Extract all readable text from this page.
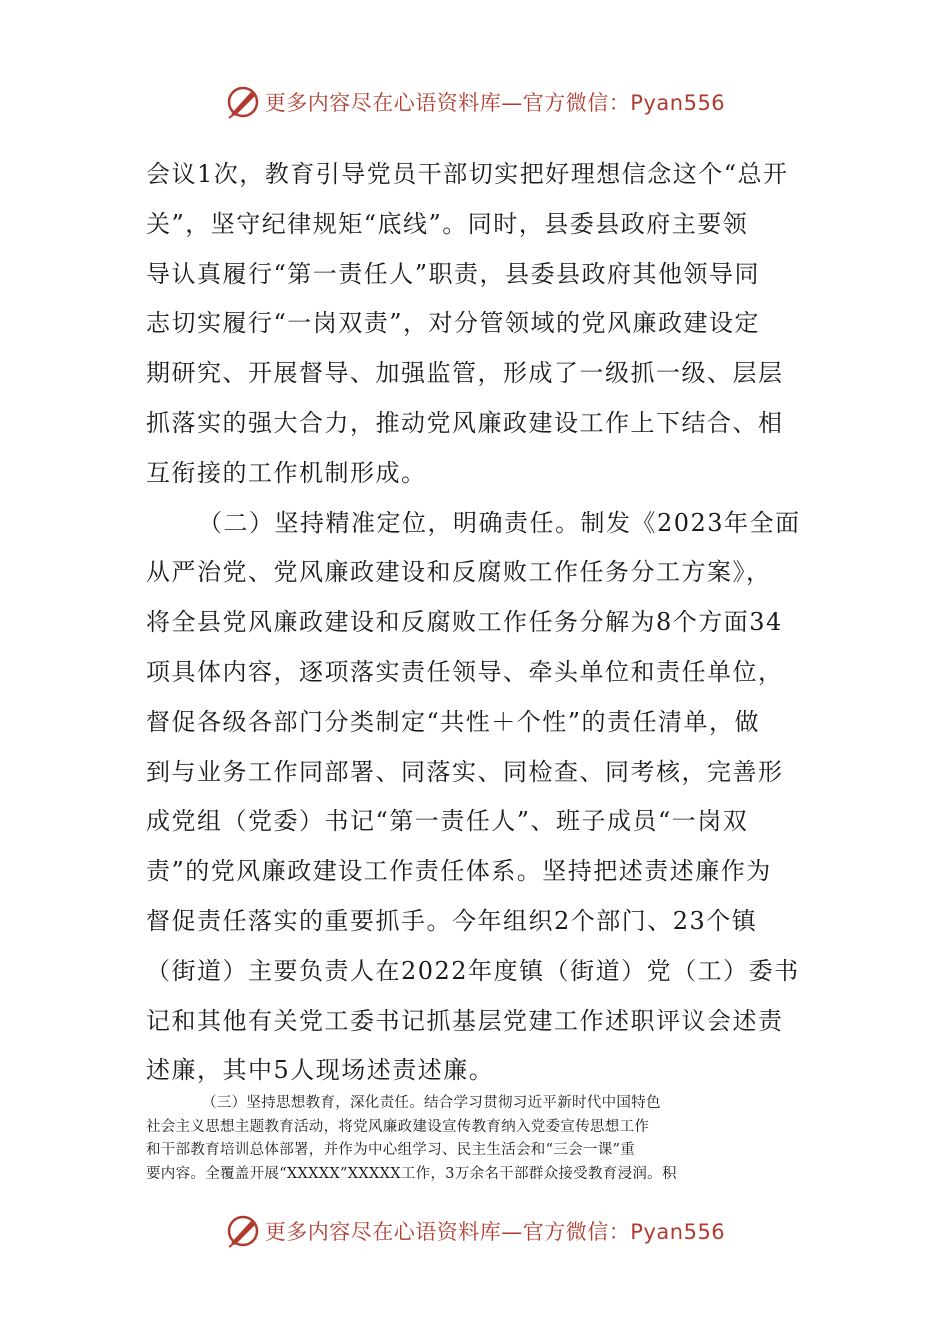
更多内容尽在心语资料库—官方微信：Pyan556
会议1次，教育引导党员干部切实把好理想信念这个“总开
关”，坚守纪律规矩“底线”。同时，县委县政府主要领
导认真履行“第一责任人”职责，县委县政府其他领导同
志切实履行“一岗双责”，对分管领域的党风廉政建设定
期研究、开展督导、加强监管，形成了一级抓一级、层层
抓落实的强大合力，推动党风廉政建设工作上下结合、相
互衔接的工作机制形成。
（二）坚持精准定位，明确责任。制发《2023年全面
从严治党、党风廉政建设和反腐败工作任务分工方案》，
将全县党风廉政建设和反腐败工作任务分解为8个方面34
项具体内容，逐项落实责任领导、牵头单位和责任单位，
督促各级各部门分类制定“共性＋个性”的责任清单，做
到与业务工作同部署、同落实、同检查、同考核，完善形
成党组（党委）书记“第一责任人”、班子成员“一岗双
责”的党风廉政建设工作责任体系。坚持把述责述廉作为
督促责任落实的重要抓手。今年组织2个部门、23个镇
（街道）主要负责人在2022年度镇（街道）党（工）委书
记和其他有关党工委书记抓基层党建工作述职评议会述责
述廉，其中5人现场述责述廉。
（三）坚持思想教育，深化责任。结合学习贯彻习近平新时代中国特色
社会主义思想主题教育活动，将党风廉政建设宣传教育纳入党委宣传思想工作
和干部教育培训总体部署，并作为中心组学习、民主生活会和“三会一课”重
要内容。全覆盖开展“XXXXX”XXXXX工作，3万余名干部群众接受教育浸润。积
更多内容尽在心语资料库—官方微信：Pyan556
